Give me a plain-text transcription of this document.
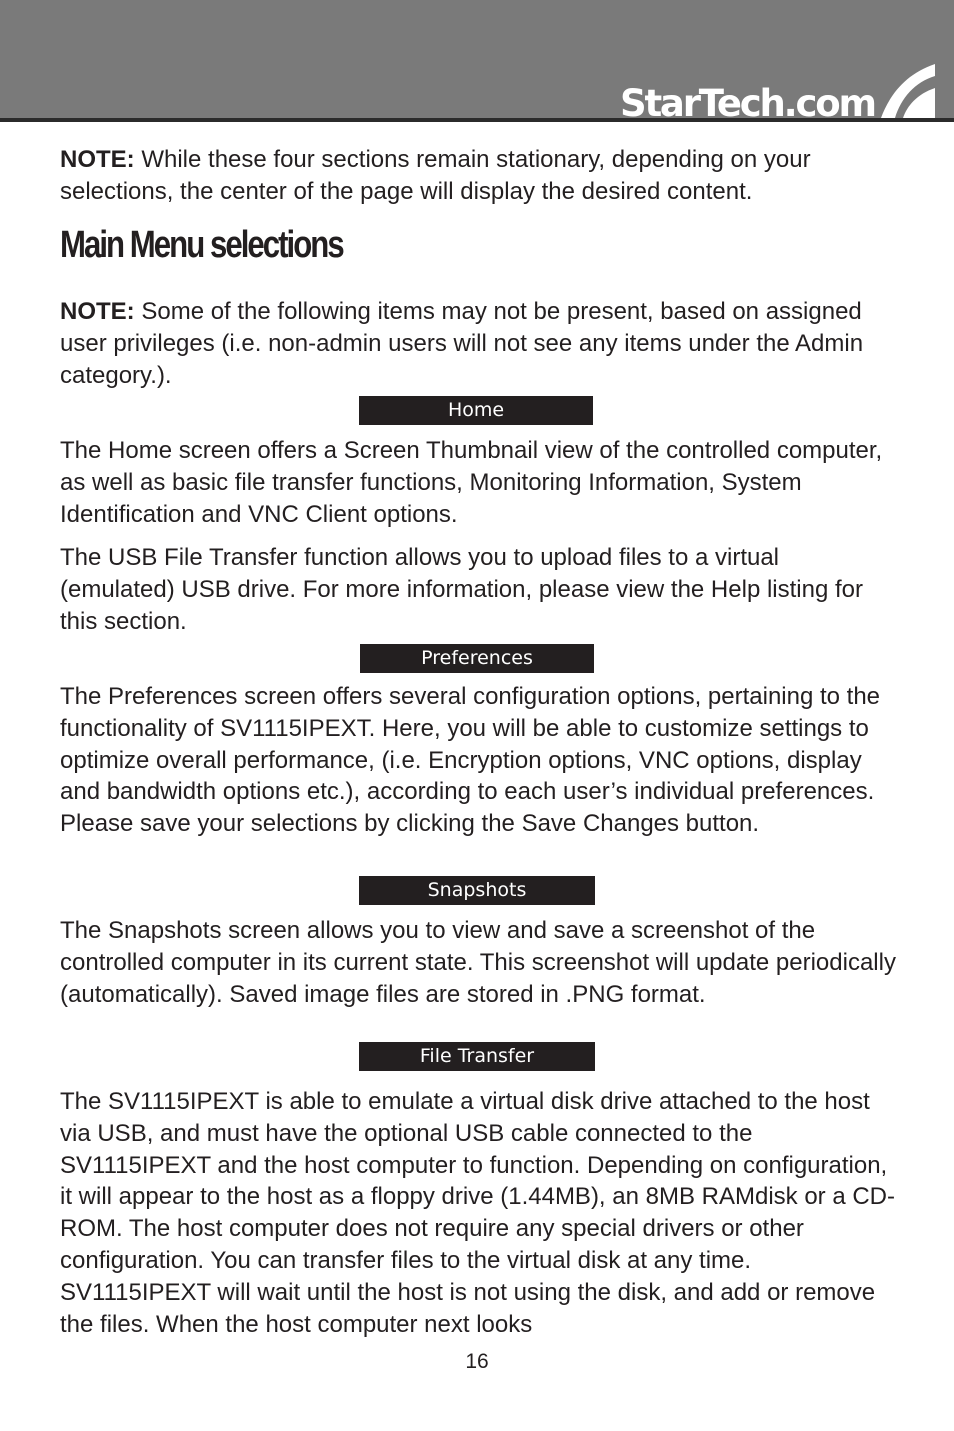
StarTech.com

NOTE: While these four sections remain stationary, depending on your selections, the center of the page will display the desired content.

Main Menu selections

NOTE: Some of the following items may not be present, based on assigned user privileges (i.e. non-admin users will not see any items under the Admin category.).

Home

The Home screen offers a Screen Thumbnail view of the controlled computer, as well as basic file transfer functions, Monitoring Information, System Identification and VNC Client options.

The USB File Transfer function allows you to upload files to a virtual (emulated) USB drive. For more information, please view the Help listing for this section.

Preferences

The Preferences screen offers several configuration options, pertaining to the functionality of SV1115IPEXT. Here, you will be able to customize settings to optimize overall performance, (i.e. Encryption options, VNC options, display and bandwidth options etc.), according to each user’s individual preferences. Please save your selections by clicking the Save Changes button.

Snapshots

The Snapshots screen allows you to view and save a screenshot of the controlled computer in its current state. This screenshot will update periodically (automatically). Saved image files are stored in .PNG format.

File Transfer

The SV1115IPEXT is able to emulate a virtual disk drive attached to the host via USB, and must have the optional USB cable connected to the SV1115IPEXT and the host computer to function. Depending on configuration, it will appear to the host as a floppy drive (1.44MB), an 8MB RAMdisk or a CD-ROM. The host computer does not require any special drivers or other configuration. You can transfer files to the virtual disk at any time. SV1115IPEXT will wait until the host is not using the disk, and add or remove the files. When the host computer next looks

16
